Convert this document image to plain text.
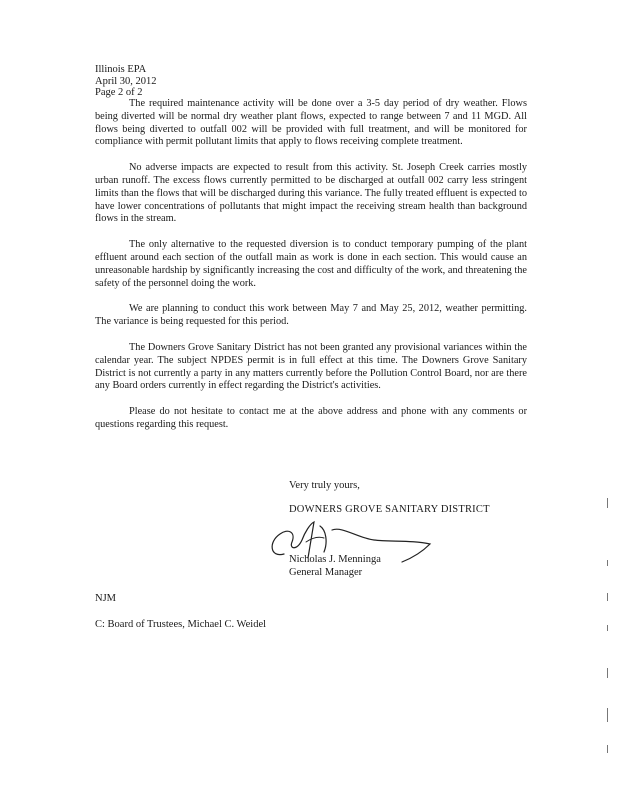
Illinois EPA
April 30, 2012
Page 2 of 2

The required maintenance activity will be done over a 3-5 day period of dry weather. Flows being diverted will be normal dry weather plant flows, expected to range between 7 and 11 MGD. All flows being diverted to outfall 002 will be provided with full treatment, and will be monitored for compliance with permit pollutant limits that apply to flows receiving complete treatment.

No adverse impacts are expected to result from this activity. St. Joseph Creek carries mostly urban runoff. The excess flows currently permitted to be discharged at outfall 002 carry less stringent limits than the flows that will be discharged during this variance. The fully treated effluent is expected to have lower concentrations of pollutants that might impact the receiving stream health than background flows in the stream.

The only alternative to the requested diversion is to conduct temporary pumping of the plant effluent around each section of the outfall main as work is done in each section. This would cause an unreasonable hardship by significantly increasing the cost and difficulty of the work, and threatening the safety of the personnel doing the work.

We are planning to conduct this work between May 7 and May 25, 2012, weather permitting. The variance is being requested for this period.

The Downers Grove Sanitary District has not been granted any provisional variances within the calendar year. The subject NPDES permit is in full effect at this time. The Downers Grove Sanitary District is not currently a party in any matters currently before the Pollution Control Board, nor are there any Board orders currently in effect regarding the District's activities.

Please do not hesitate to contact me at the above address and phone with any comments or questions regarding this request.

Very truly yours,
DOWNERS GROVE SANITARY DISTRICT
Nicholas J. Menninga
General Manager
NJM
C: Board of Trustees, Michael C. Weidel
